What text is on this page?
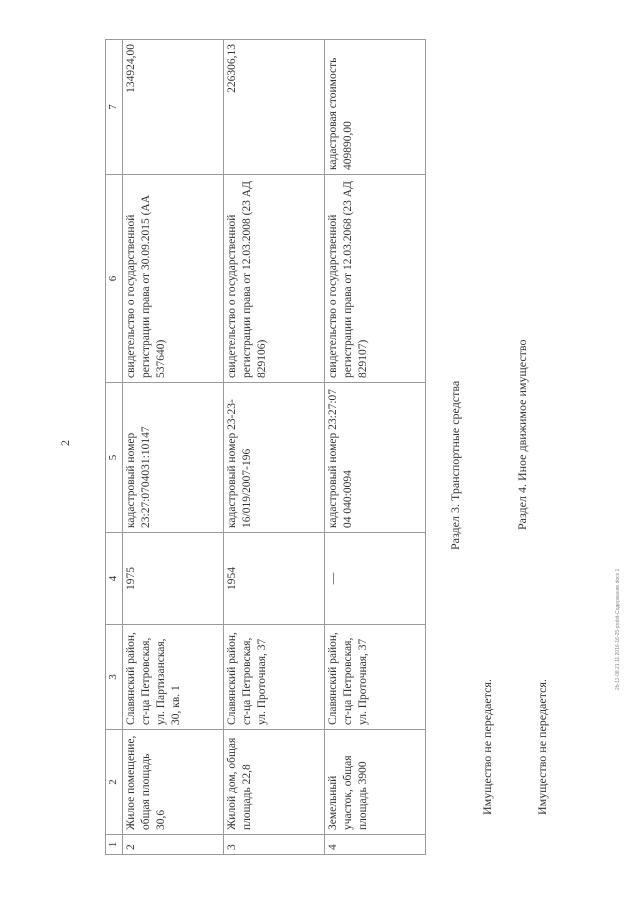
2
1	2	3	4	5	6	7
2	Жилое помещение, общая площадь 30,6	Славянский район, ст-ца Петровская, ул. Партизанская, 30, кв. 1	1975	кадастровый номер 23:27:0704031:10147	свидетельство о государственной регистрации права от 30.09.2015 (АА 537640)	134924,00
3	Жилой дом, общая площадь 22,8	Славянский район, ст-ца Петровская, ул. Проточная, 37	1954	кадастровый номер 23-23-16/019/2007-196	свидетельство о государственной регистрации права от 12.03.2008 (23 АД 829106)	226306,13
4	Земельный участок, общая площадь 3900	Славянский район, ст-ца Петровская, ул. Проточная, 37	—	кадастровый номер 23:27:07 04 040:0094	свидетельство о государственной регистрации права от 12.03.2068 (23 АД 829107)	кадастровая стоимость 409890,00
Раздел 3. Транспортные средства
Имущество не передается.
Раздел 4. Иное движимое имущество
Имущество не передается.
2b-11-08.21.11.2016-16-25-probit-Содержание.docx 1
